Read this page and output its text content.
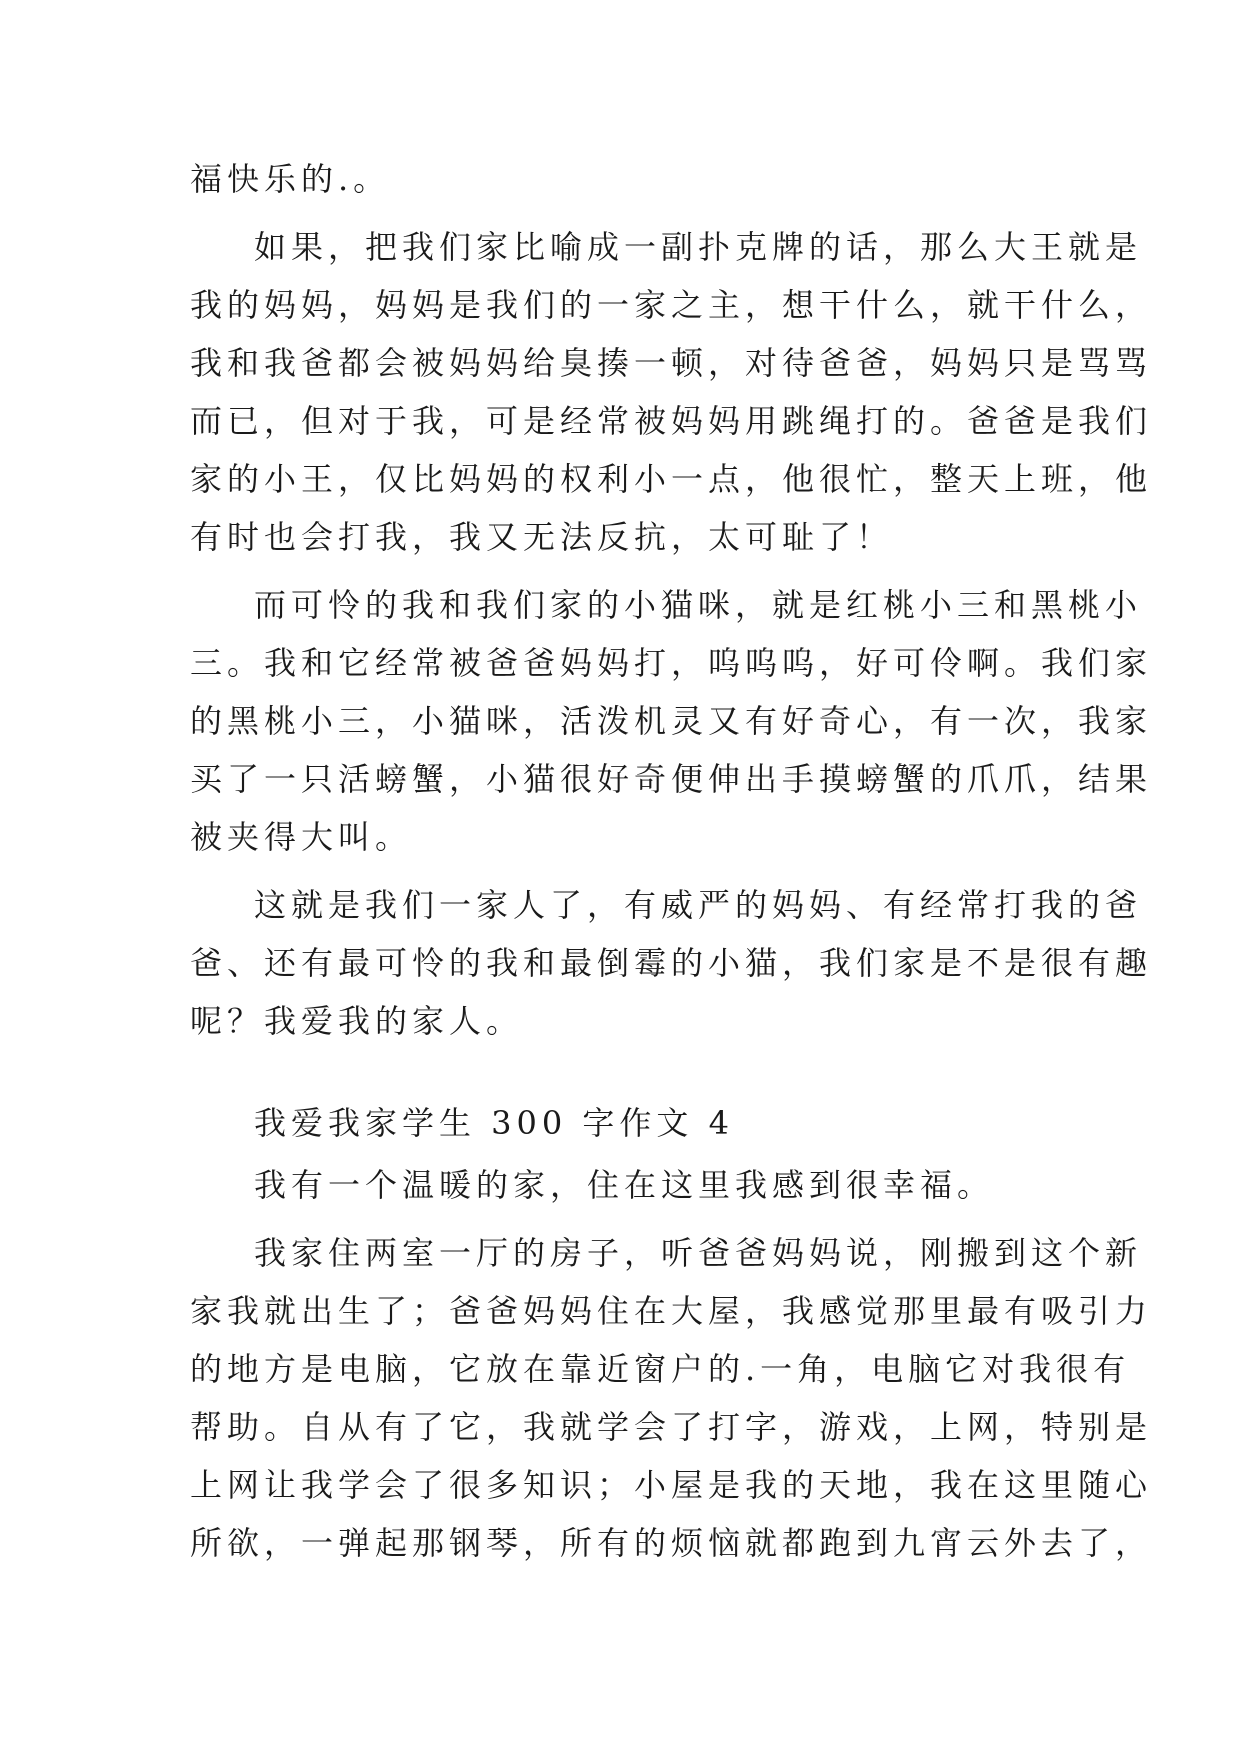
福快乐的.。
如果，把我们家比喻成一副扑克牌的话，那么大王就是
我的妈妈，妈妈是我们的一家之主，想干什么，就干什么，
我和我爸都会被妈妈给臭揍一顿，对待爸爸，妈妈只是骂骂
而已，但对于我，可是经常被妈妈用跳绳打的。爸爸是我们
家的小王，仅比妈妈的权利小一点，他很忙，整天上班，他
有时也会打我，我又无法反抗，太可耻了！
而可怜的我和我们家的小猫咪，就是红桃小三和黑桃小
三。我和它经常被爸爸妈妈打，呜呜呜，好可伶啊。我们家
的黑桃小三，小猫咪，活泼机灵又有好奇心，有一次，我家
买了一只活螃蟹，小猫很好奇便伸出手摸螃蟹的爪爪，结果
被夹得大叫。
这就是我们一家人了，有威严的妈妈、有经常打我的爸
爸、还有最可怜的我和最倒霉的小猫，我们家是不是很有趣
呢？我爱我的家人。
我爱我家学生 300 字作文 4
我有一个温暖的家，住在这里我感到很幸福。
我家住两室一厅的房子，听爸爸妈妈说，刚搬到这个新
家我就出生了；爸爸妈妈住在大屋，我感觉那里最有吸引力
的地方是电脑，它放在靠近窗户的.一角，电脑它对我很有
帮助。自从有了它，我就学会了打字，游戏，上网，特别是
上网让我学会了很多知识；小屋是我的天地，我在这里随心
所欲，一弹起那钢琴，所有的烦恼就都跑到九宵云外去了，
